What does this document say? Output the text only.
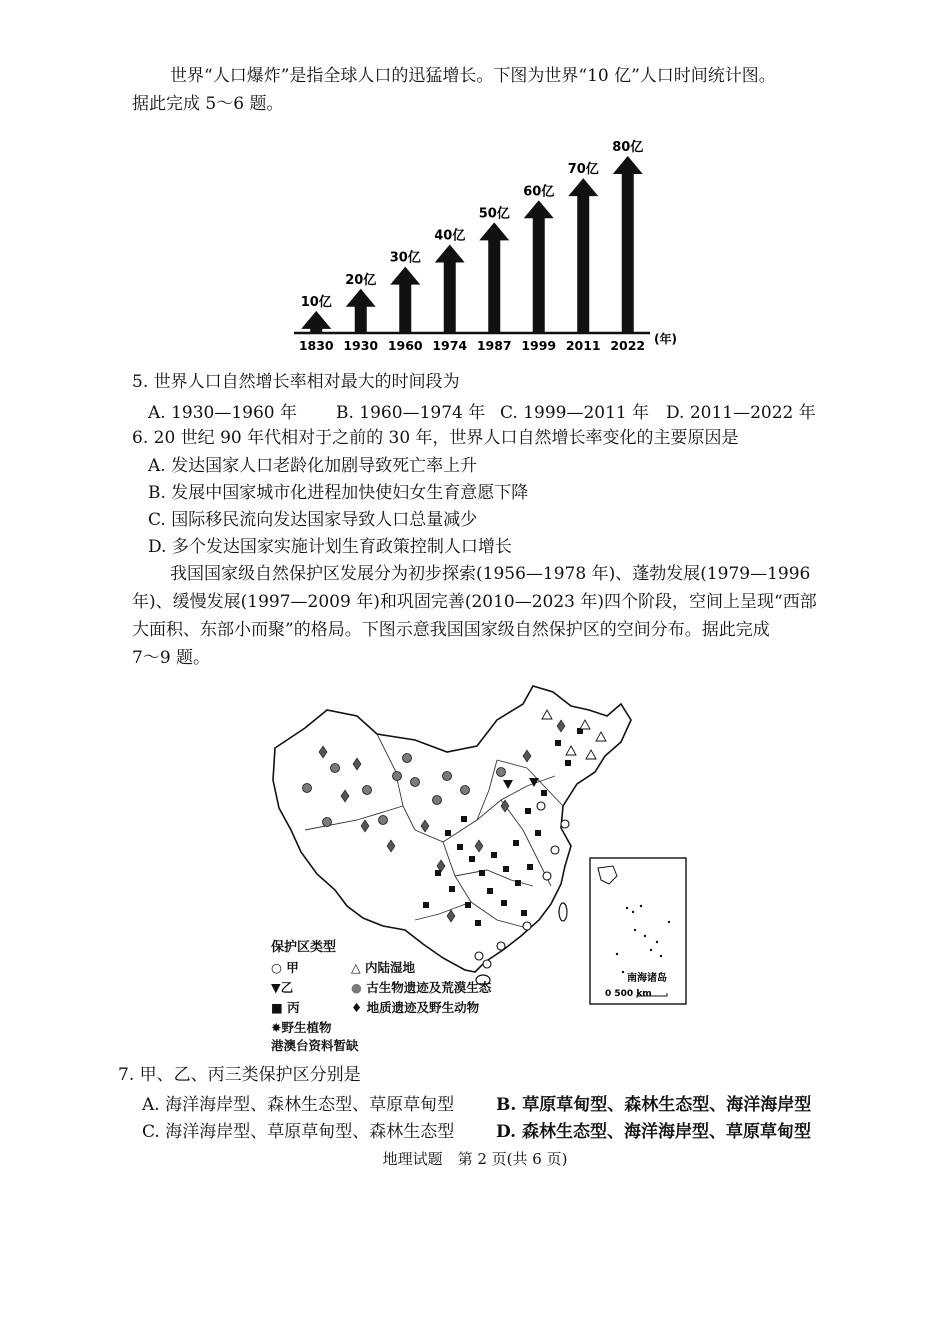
世界“人口爆炸”是指全球人口的迅猛增长。下图为世界“10 亿”人口时间统计图。
据此完成 5～6 题。
10亿
1830
20亿
1930
30亿
1960
40亿
1974
50亿
1987
60亿
1999
70亿
2011
80亿
2022 (年)
5. 世界人口自然增长率相对最大的时间段为
A. 1930—1960 年 B. 1960—1974 年 C. 1999—2011 年 D. 2011—2022 年
6. 20 世纪 90 年代相对于之前的 30 年，世界人口自然增长率变化的主要原因是
A. 发达国家人口老龄化加剧导致死亡率上升
B. 发展中国家城市化进程加快使妇女生育意愿下降
C. 国际移民流向发达国家导致人口总量减少
D. 多个发达国家实施计划生育政策控制人口增长
我国国家级自然保护区发展分为初步探索(1956—1978 年)、蓬勃发展(1979—1996
年)、缓慢发展(1997—2009 年)和巩固完善(2010—2023 年)四个阶段，空间上呈现“西部
大面积、东部小而聚”的格局。下图示意我国国家级自然保护区的空间分布。据此完成
7～9 题。
南海诸岛
0 500 km
保护区类型
○ 甲	△ 内陆湿地
▼乙	● 古生物遗迹及荒漠生态
■ 丙	♦ 地质遗迹及野生动物
✸野生植物
港澳台资料暂缺
7. 甲、乙、丙三类保护区分别是
A. 海洋海岸型、森林生态型、草原草甸型 B. 草原草甸型、森林生态型、海洋海岸型
C. 海洋海岸型、草原草甸型、森林生态型 D. 森林生态型、海洋海岸型、草原草甸型
地理试题　第 2 页(共 6 页)
